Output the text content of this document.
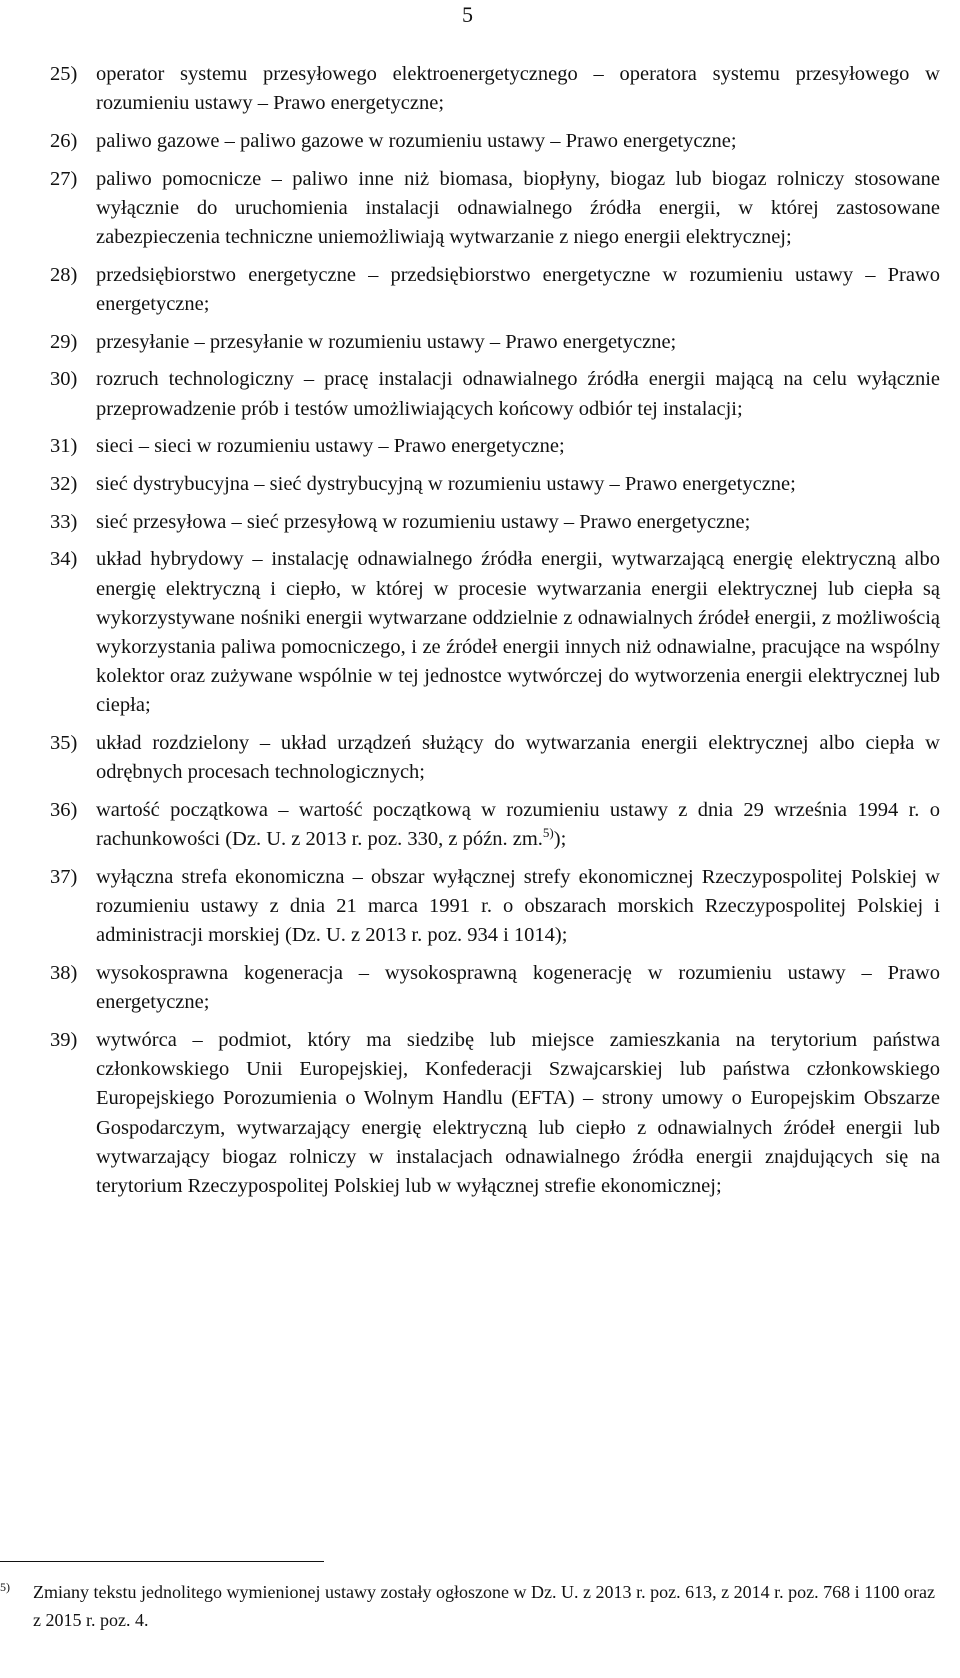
5
25) operator systemu przesyłowego elektroenergetycznego – operatora systemu przesyłowego w rozumieniu ustawy – Prawo energetyczne;
26) paliwo gazowe – paliwo gazowe w rozumieniu ustawy – Prawo energetyczne;
27) paliwo pomocnicze – paliwo inne niż biomasa, biopłyny, biogaz lub biogaz rolniczy stosowane wyłącznie do uruchomienia instalacji odnawialnego źródła energii, w której zastosowane zabezpieczenia techniczne uniemożliwiają wytwarzanie z niego energii elektrycznej;
28) przedsiębiorstwo energetyczne – przedsiębiorstwo energetyczne w rozumieniu ustawy – Prawo energetyczne;
29) przesyłanie – przesyłanie w rozumieniu ustawy – Prawo energetyczne;
30) rozruch technologiczny – pracę instalacji odnawialnego źródła energii mającą na celu wyłącznie przeprowadzenie prób i testów umożliwiających końcowy odbiór tej instalacji;
31) sieci – sieci w rozumieniu ustawy – Prawo energetyczne;
32) sieć dystrybucyjna – sieć dystrybucyjną w rozumieniu ustawy – Prawo energetyczne;
33) sieć przesyłowa – sieć przesyłową w rozumieniu ustawy – Prawo energetyczne;
34) układ hybrydowy – instalację odnawialnego źródła energii, wytwarzającą energię elektryczną albo energię elektryczną i ciepło, w której w procesie wytwarzania energii elektrycznej lub ciepła są wykorzystywane nośniki energii wytwarzane oddzielnie z odnawialnych źródeł energii, z możliwością wykorzystania paliwa pomocniczego, i ze źródeł energii innych niż odnawialne, pracujące na wspólny kolektor oraz zużywane wspólnie w tej jednostce wytwórczej do wytworzenia energii elektrycznej lub ciepła;
35) układ rozdzielony – układ urządzeń służący do wytwarzania energii elektrycznej albo ciepła w odrębnych procesach technologicznych;
36) wartość początkowa – wartość początkową w rozumieniu ustawy z dnia 29 września 1994 r. o rachunkowości (Dz. U. z 2013 r. poz. 330, z późn. zm.$^{5)}$);
37) wyłączna strefa ekonomiczna – obszar wyłącznej strefy ekonomicznej Rzeczypospolitej Polskiej w rozumieniu ustawy z dnia 21 marca 1991 r. o obszarach morskich Rzeczypospolitej Polskiej i administracji morskiej (Dz. U. z 2013 r. poz. 934 i 1014);
38) wysokosprawna kogeneracja – wysokosprawną kogenerację w rozumieniu ustawy – Prawo energetyczne;
39) wytwórca – podmiot, który ma siedzibę lub miejsce zamieszkania na terytorium państwa członkowskiego Unii Europejskiej, Konfederacji Szwajcarskiej lub państwa członkowskiego Europejskiego Porozumienia o Wolnym Handlu (EFTA) – strony umowy o Europejskim Obszarze Gospodarczym, wytwarzający energię elektryczną lub ciepło z odnawialnych źródeł energii lub wytwarzający biogaz rolniczy w instalacjach odnawialnego źródła energii znajdujących się na terytorium Rzeczypospolitej Polskiej lub w wyłącznej strefie ekonomicznej;
5)	Zmiany tekstu jednolitego wymienionej ustawy zostały ogłoszone w Dz. U. z 2013 r. poz. 613, z 2014 r. poz. 768 i 1100 oraz z 2015 r. poz. 4.
